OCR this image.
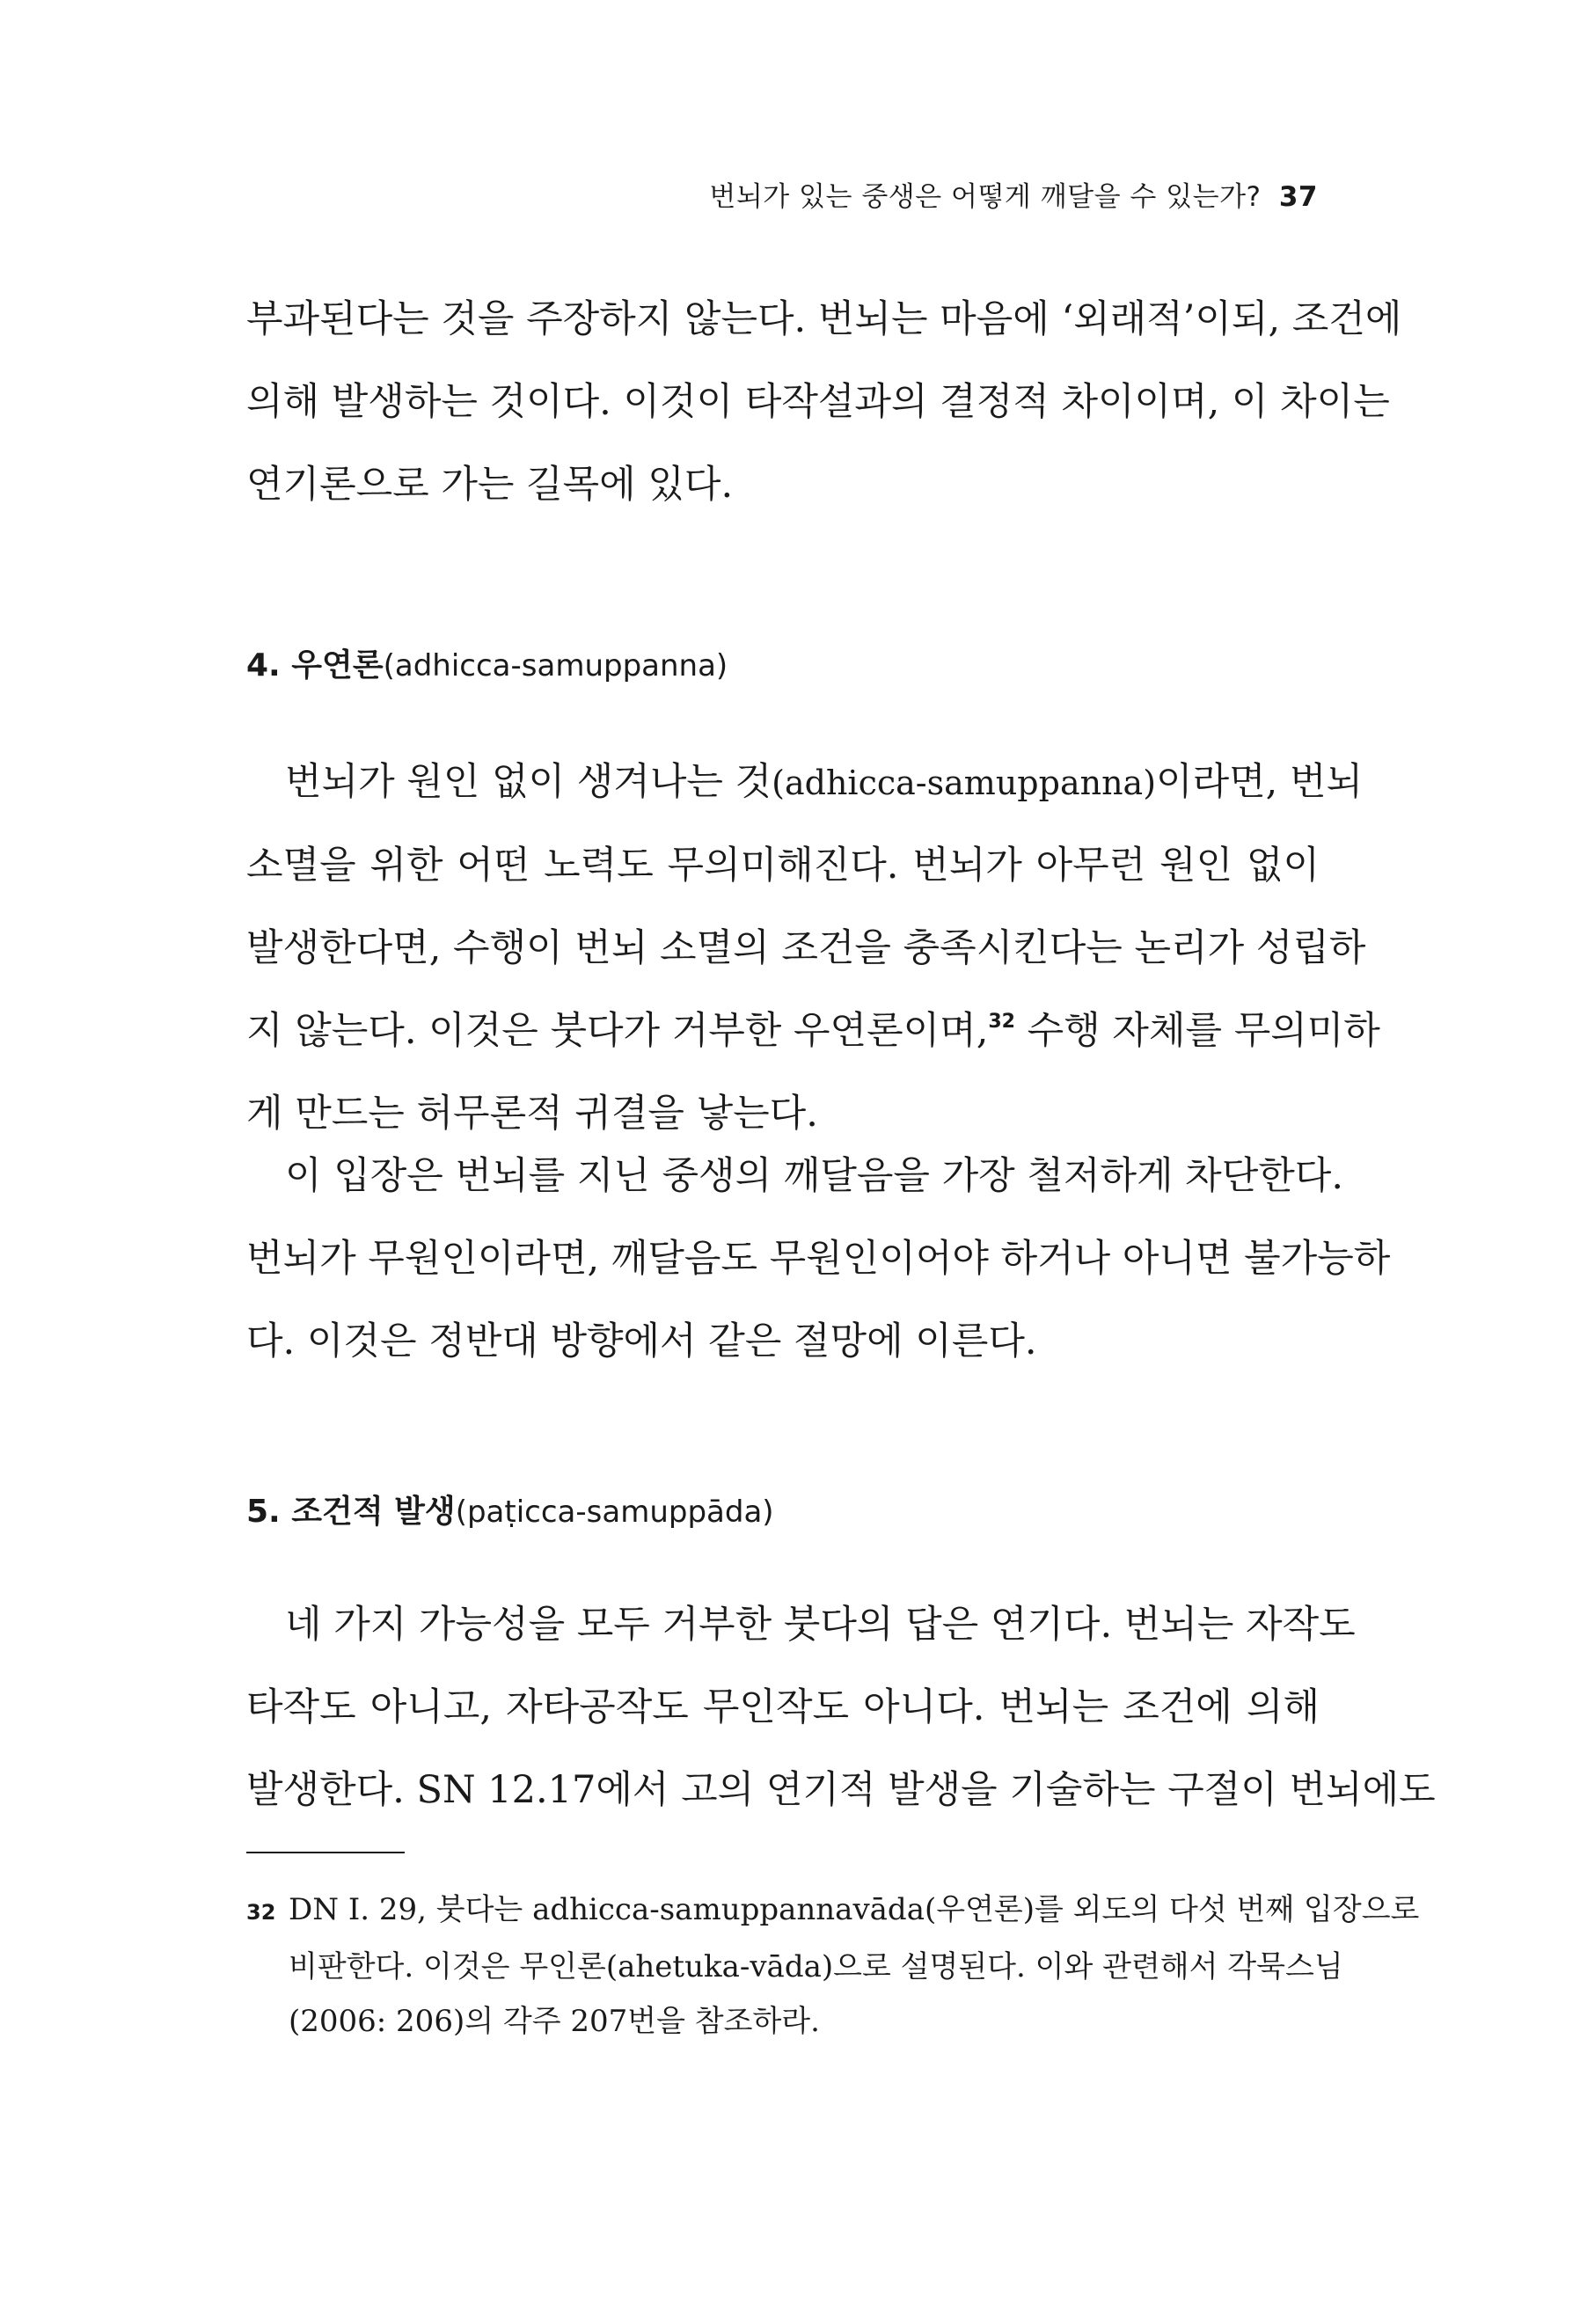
번뇌가 있는 중생은 어떻게 깨달을 수 있는가? 37

부과된다는 것을 주장하지 않는다. 번뇌는 마음에 ‘외래적’이되, 조건에
의해 발생하는 것이다. 이것이 타작설과의 결정적 차이이며, 이 차이는
연기론으로 가는 길목에 있다.

4. 우연론(adhicca-samuppanna)

번뇌가 원인 없이 생겨나는 것(adhicca-samuppanna)이라면, 번뇌
소멸을 위한 어떤 노력도 무의미해진다. 번뇌가 아무런 원인 없이
발생한다면, 수행이 번뇌 소멸의 조건을 충족시킨다는 논리가 성립하
지 않는다. 이것은 붓다가 거부한 우연론이며,$^{32}$ 수행 자체를 무의미하
게 만드는 허무론적 귀결을 낳는다.

이 입장은 번뇌를 지닌 중생의 깨달음을 가장 철저하게 차단한다.
번뇌가 무원인이라면, 깨달음도 무원인이어야 하거나 아니면 불가능하
다. 이것은 정반대 방향에서 같은 절망에 이른다.

5. 조건적 발생(paṭicca-samuppāda)

네 가지 가능성을 모두 거부한 붓다의 답은 연기다. 번뇌는 자작도
타작도 아니고, 자타공작도 무인작도 아니다. 번뇌는 조건에 의해
발생한다. SN 12.17에서 고의 연기적 발생을 기술하는 구절이 번뇌에도

32 DN I. 29, 붓다는 adhicca-samuppannavāda(우연론)를 외도의 다섯 번째 입장으로
비판한다. 이것은 무인론(ahetuka-vāda)으로 설명된다. 이와 관련해서 각묵스님
(2006: 206)의 각주 207번을 참조하라.
